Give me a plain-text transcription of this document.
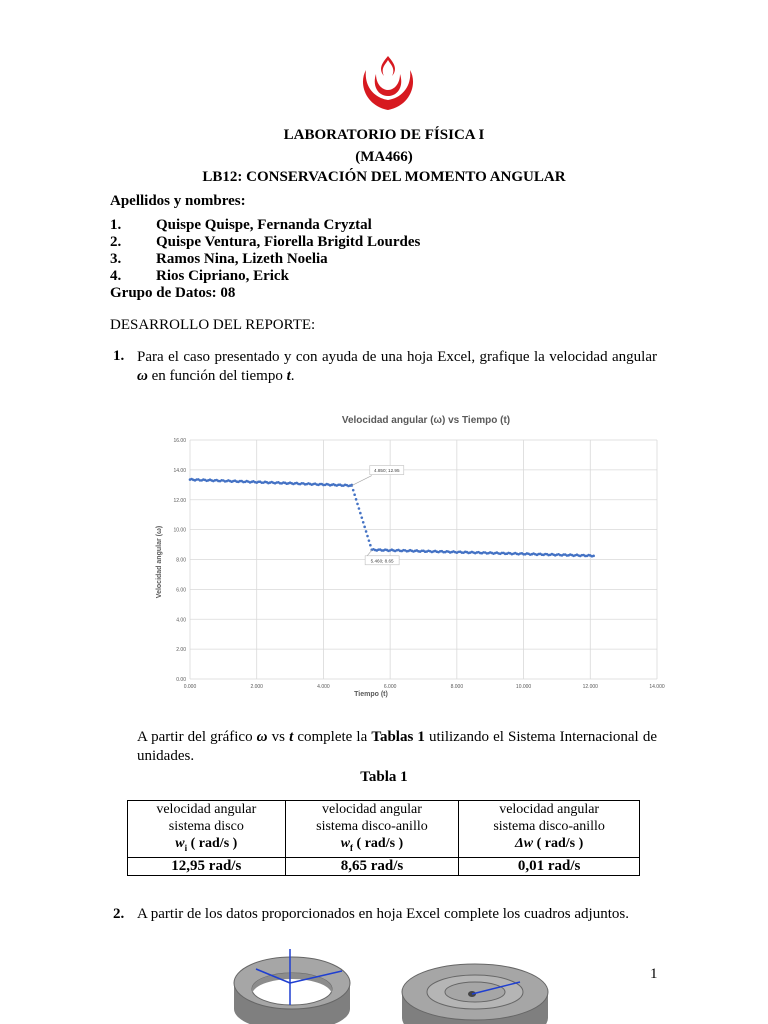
LABORATORIO DE FÍSICA I
(MA466)
LB12: CONSERVACIÓN DEL MOMENTO ANGULAR
Apellidos y nombres:
1. Quispe Quispe, Fernanda Cryztal
2. Quispe Ventura, Fiorella Brigitd Lourdes
3. Ramos Nina, Lizeth Noelia
4. Rios Cipriano, Erick
Grupo de Datos: 08
DESARROLLO DEL REPORTE:
1. Para el caso presentado y con ayuda de una hoja Excel, grafique la velocidad angular ω en función del tiempo t.
Velocidad angular (ω) vs Tiempo (t)
0.00
2.00
4.00
6.00
8.00
10.00
12.00
14.00
16.00
0.000	2.000	4.000	6.000	8.000	10.000	12.000	14.000
4.850; 12.95
5.460; 8.65
Tiempo (t)
Velocidad angular (ω)
A partir del gráfico ω vs t complete la Tablas 1 utilizando el Sistema Internacional de unidades.
Tabla 1
velocidad angular
sistema disco
$w_i$ ( rad/s )	velocidad angular
sistema disco-anillo
$w_f$ ( rad/s )	velocidad angular
sistema disco-anillo
Δw ( rad/s )

12,95 rad/s	8,65 rad/s	0,01 rad/s
2. A partir de los datos proporcionados en hoja Excel complete los cuadros adjuntos.
1
